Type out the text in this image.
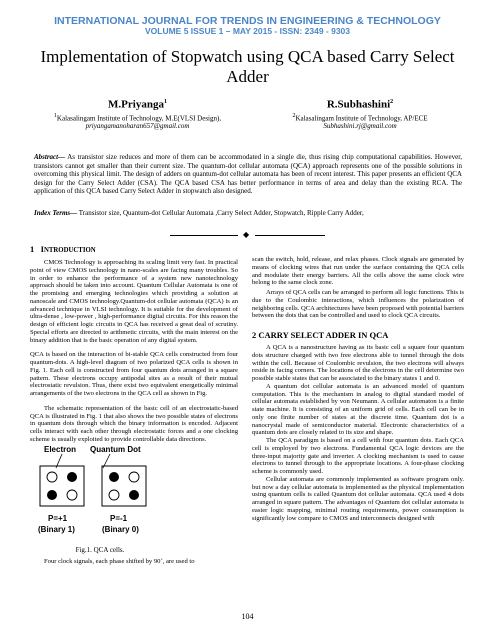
INTERNATIONAL JOURNAL FOR TRENDS IN ENGINEERING & TECHNOLOGY
VOLUME 5 ISSUE 1 – MAY 2015 - ISSN: 2349 - 9303
Implementation of Stopwatch using QCA based Carry Select Adder
M.Priyanga$^1$
$^1$Kalasalingam Institute of Technology, M.E(VLSI Design),
priyangamanoharan657@gmail.com
R.Subhashini$^2$
$^2$Kalasalingam Institute of Technology, AP/ECE
Subhashini.rj@gmail.com
Abstract— As transistor size reduces and more of them can be accommodated in a single die, thus rising chip computational capabilities. However, transistors cannot get smaller than their current size. The quantum-dot cellular automata (QCA) approach represents one of the possible solutions in overcoming this physical limit. The design of adders on quantum-dot cellular automata has been of recent interest. This paper presents an efficient QCA design for the Carry Select Adder (CSA). The QCA based CSA has better performance in terms of area and delay than the existing RCA. The application of this QCA based Carry Select Adder in stopwatch also designed.
Index Terms— Transistor size, Quantum-dot Cellular Automata ,Carry Select Adder, Stopwatch, Ripple Carry Adder,
◆
1 INTRODUCTION

CMOS Technology is approaching its scaling limit very fast. In practical point of view CMOS technology in nano-scales are facing many troubles. So in order to enhance the performance of a system new nanotechnology approach should be taken into account. Quantum Cellular Automata is one of the promising and emerging technologies which providing a solution at nanoscale and CMOS technology.Quantum-dot cellular automata (QCA) is an advanced technique in VLSI technology. It is suitable for the development of ultra-dense , low-power , high-performance digital circuits. For this reason the design of efficient logic circuits in QCA has received a great deal of scrutiny. Special efforts are directed to arithmetic circuits, with the main interest on the binary addition that is the basic operation of any digital system.

QCA is based on the interaction of bi-stable QCA cells constructed from four quantum-dots. A high-level diagram of two polarized QCA cells is shown in Fig. 1. Each cell is constructed from four quantum dots arranged in a square pattern. These electrons occupy antipodal sites as a result of their mutual electrostatic revulsion. Thus, there exist two equivalent energetically minimal arrangements of the two electrons in the QCA cell as shown in Fig.

The schematic representation of the basic cell of an electrostatic-based QCA is illustrated in Fig. 1 that also shows the two possible states of electrons in quantum dots through which the binary information is encoded. Adjacent cells interact with each other through electrostatic forces and a one clocking scheme is usually exploited to provide controllable data directions.

Electron Quantum Dot
P=+1
(Binary 1)
P=-1
(Binary 0)
Fig.1. QCA cells.

Four clock signals, each phase shifted by 90˚, are used to

scan the switch, hold, release, and relax phases. Clock signals are generated by means of clocking wires that run under the surface containing the QCA cells and modulate their energy barriers. All the cells above the same clock wire belong to the same clock zone.

Arrays of QCA cells can be arranged to perform all logic functions. This is due to the Coulombic interactions, which influences the polarization of neighboring cells. QCA architectures have been proposed with potential barriers between the dots that can be controlled and used to clock QCA circuits.

2 CARRY SELECT ADDER IN QCA

A QCA is a nanostructure having as its basic cell a square four quantum dots structure charged with two free electrons able to tunnel through the dots within the cell. Because of Coulombic revulsion, the two electrons will always reside in facing corners. The locations of the electrons in the cell determine two possible stable states that can be associated to the binary states 1 and 0.

A quantum dot cellular automata is an advanced model of quantum computation. This is the mechanism in analog to digital standard model of cellular automata established by von Neumann. A cellular automaton is a finite state machine. It is consisting of an uniform grid of cells. Each cell can be in only one finite number of states at the discrete time. Quantum dot is a nanocrystal made of semiconductor material. Electronic characteristics of a quantum dots are closely related to its size and shape.

The QCA paradigm is based on a cell with four quantum dots. Each QCA cell is employed by two electrons. Fundamental QCA logic devices are the three-input majority gate and inverter. A clocking mechanism is used to cause electrons to tunnel through to the appropriate locations. A four-phase clocking scheme is commonly used.

Cellular automata are commonly implemented as software program only. but now a day cellular automata is implemented as the physical implementation using quantum cells is called Quantum dot cellular automata. QCA used 4 dots arranged in square pattern. The advantages of Quantum dot cellular automata is easier logic mapping, minimal routing requirements, power consumption is significantly low compare to CMOS and interconnects designed with

104
